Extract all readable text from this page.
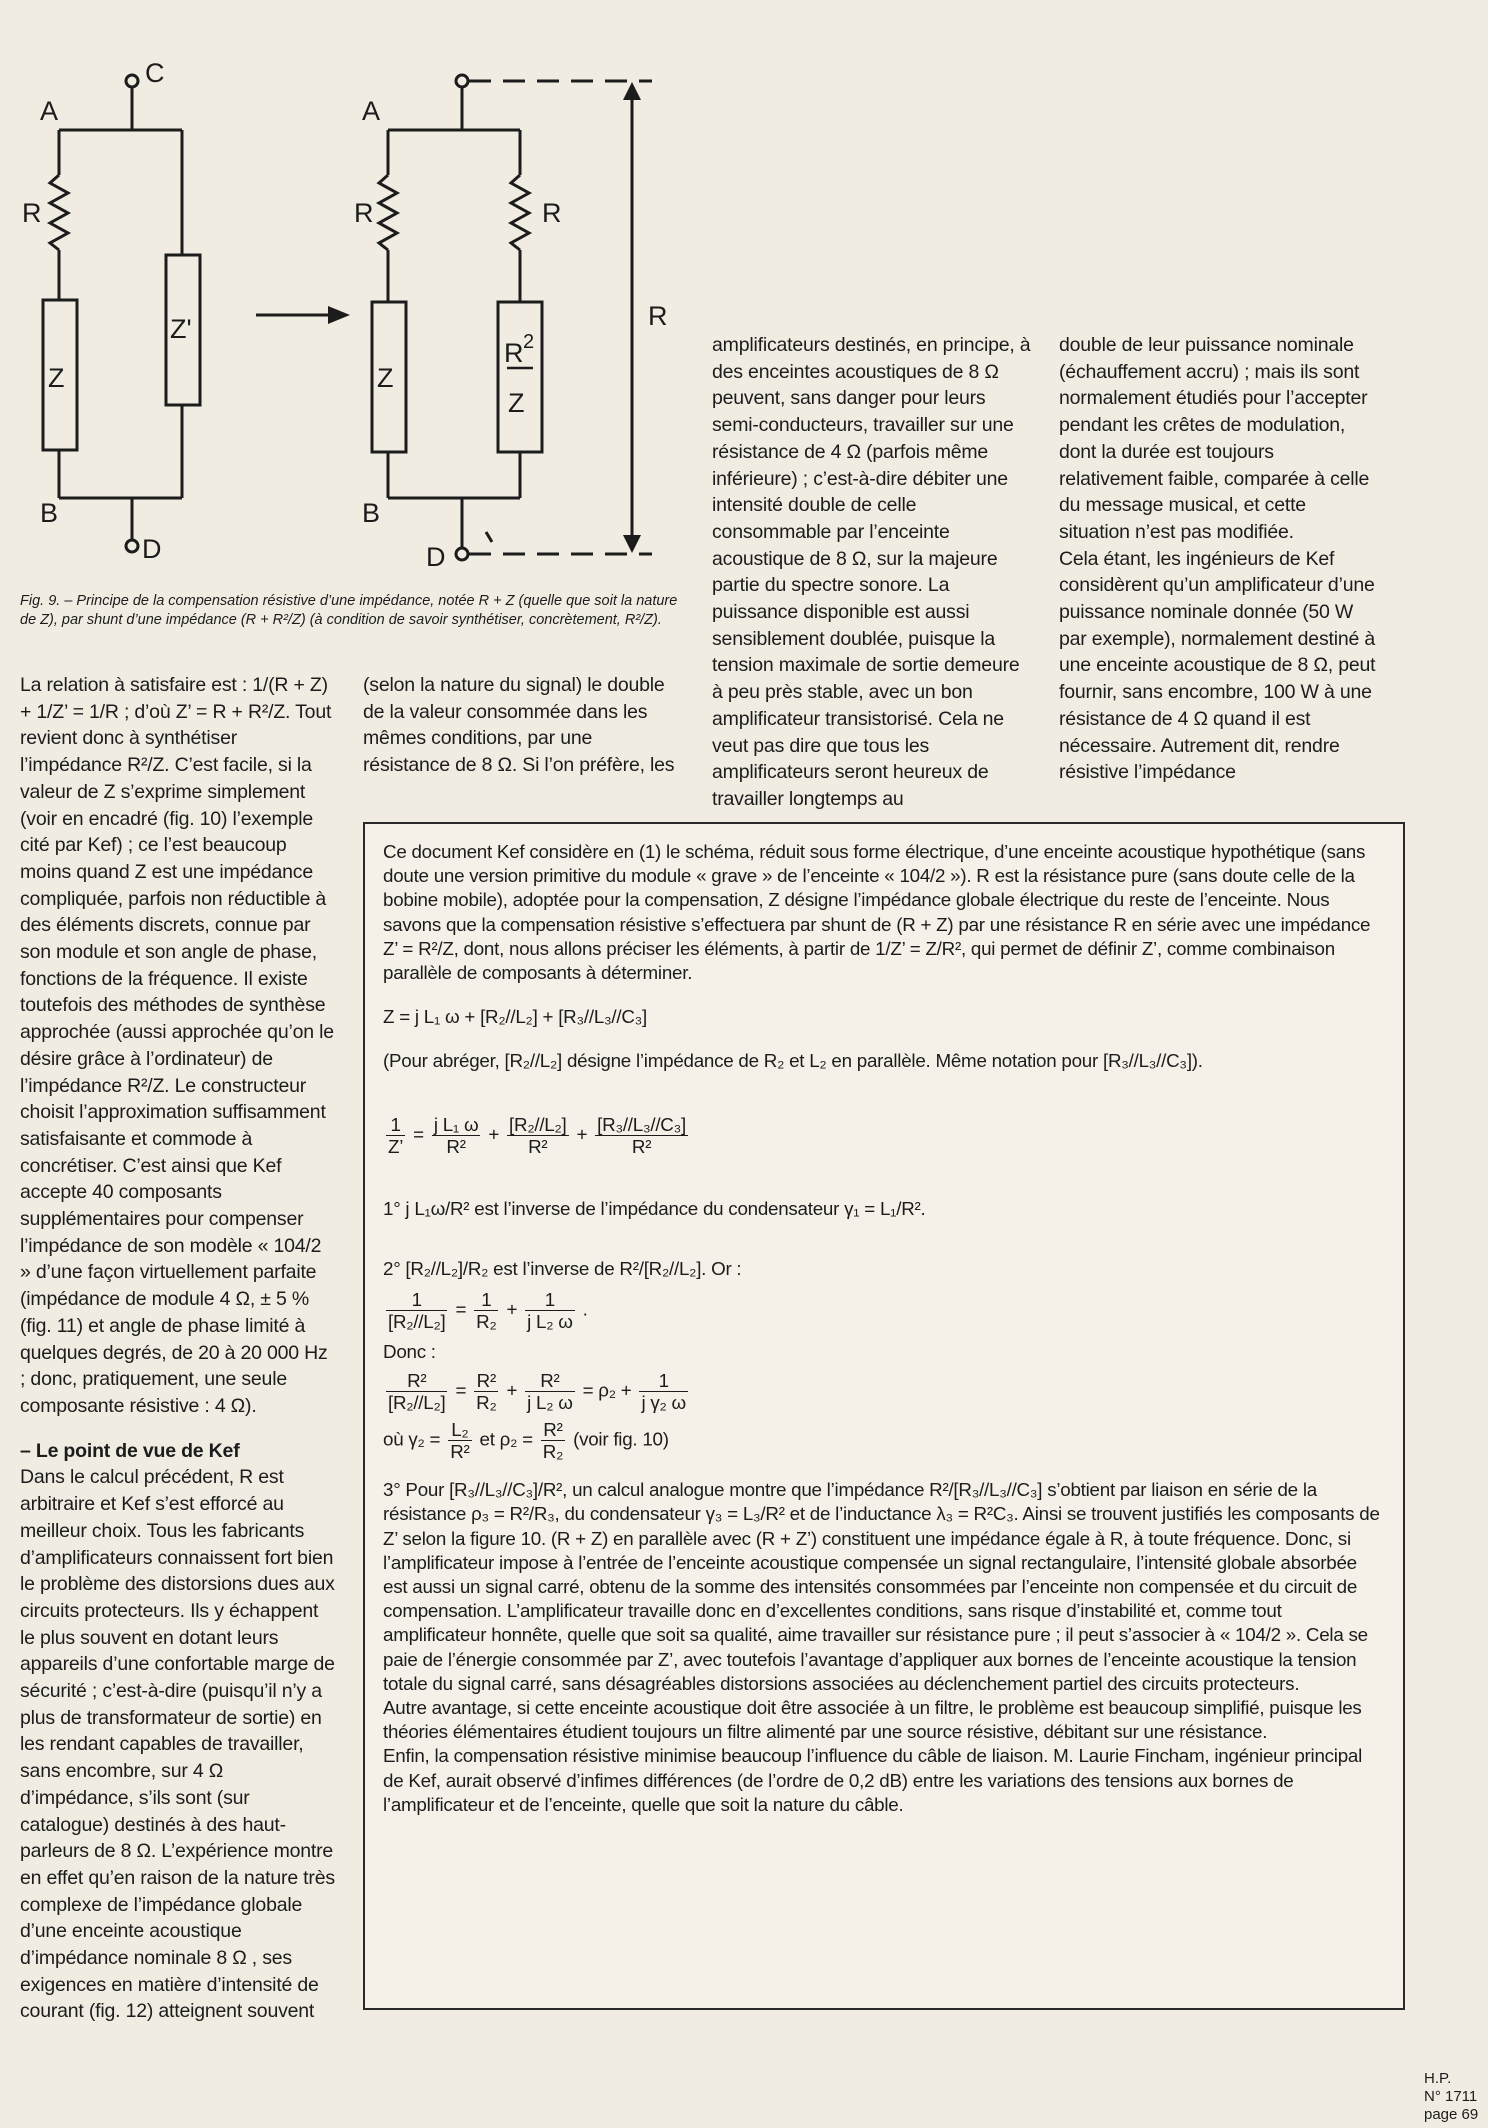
C
A
R
Z
Z'
B
D
A
R	R
Z
R 2
Z
B
D
R
Fig. 9. – Principe de la compensation résistive d’une impédance, notée R + Z (quelle que soit la nature de Z), par shunt d’une impédance (R + R²/Z) (à condition de savoir synthétiser, concrètement, R²/Z).

La relation à satisfaire est : 1/(R + Z) + 1/Z’ = 1/R ; d’où Z’ = R + R²/Z. Tout revient donc à synthétiser l’impédance R²/Z. C’est facile, si la valeur de Z s’exprime simplement (voir en encadré (fig. 10) l’exemple cité par Kef) ; ce l’est beaucoup moins quand Z est une impédance compliquée, parfois non réductible à des éléments discrets, connue par son module et son angle de phase, fonctions de la fréquence. Il existe toutefois des méthodes de synthèse approchée (aussi approchée qu’on le désire grâce à l’ordinateur) de l’impédance R²/Z. Le constructeur choisit l’approximation suffisamment satisfaisante et commode à concrétiser. C’est ainsi que Kef accepte 40 composants supplémentaires pour compenser l’impédance de son modèle « 104/2 » d’une façon virtuellement parfaite (impédance de module 4 Ω, ± 5 % (fig. 11) et angle de phase limité à quelques degrés, de 20 à 20 000 Hz ; donc, pratiquement, une seule composante résistive : 4 Ω).

– Le point de vue de Kef

Dans le calcul précédent, R est arbitraire et Kef s’est efforcé au meilleur choix. Tous les fabricants d’amplificateurs connaissent fort bien le problème des distorsions dues aux circuits protecteurs. Ils y échappent le plus souvent en dotant leurs appareils d’une confortable marge de sécurité ; c’est-à-dire (puisqu’il n’y a plus de transformateur de sortie) en les rendant capables de travailler, sans encombre, sur 4 Ω d’impédance, s’ils sont (sur catalogue) destinés à des haut-parleurs de 8 Ω. L’expérience montre en effet qu’en raison de la nature très complexe de l’impédance globale d’une enceinte acoustique d’impédance nominale 8 Ω , ses exigences en matière d’intensité de courant (fig. 12) atteignent souvent

(selon la nature du signal) le double de la valeur consommée dans les mêmes conditions, par une résistance de 8 Ω. Si l’on préfère, les

amplificateurs destinés, en principe, à des enceintes acoustiques de 8 Ω peuvent, sans danger pour leurs semi-conducteurs, travailler sur une résistance de 4 Ω (parfois même inférieure) ; c’est-à-dire débiter une intensité double de celle consommable par l’enceinte acoustique de 8 Ω, sur la majeure partie du spectre sonore. La puissance disponible est aussi sensiblement doublée, puisque la tension maximale de sortie demeure à peu près stable, avec un bon amplificateur transistorisé. Cela ne veut pas dire que tous les amplificateurs seront heureux de travailler longtemps au

double de leur puissance nominale (échauffement accru) ; mais ils sont normalement étudiés pour l’accepter pendant les crêtes de modulation, dont la durée est toujours relativement faible, comparée à celle du message musical, et cette situation n’est pas modifiée.

Cela étant, les ingénieurs de Kef considèrent qu’un amplificateur d’une puissance nominale donnée (50 W par exemple), normalement destiné à une enceinte acoustique de 8 Ω, peut fournir, sans encombre, 100 W à une résistance de 4 Ω quand il est nécessaire. Autrement dit, rendre résistive l’impédance

Ce document Kef considère en (1) le schéma, réduit sous forme électrique, d’une enceinte acoustique hypothétique (sans doute une version primitive du module « grave » de l’enceinte « 104/2 »). R est la résistance pure (sans doute celle de la bobine mobile), adoptée pour la compensation, Z désigne l’impédance globale électrique du reste de l’enceinte. Nous savons que la compensation résistive s’effectuera par shunt de (R + Z) par une résistance R en série avec une impédance Z’ = R²/Z, dont, nous allons préciser les éléments, à partir de 1/Z’ = Z/R², qui permet de définir Z’, comme combinaison parallèle de composants à déterminer.

Z = j L₁ ω + [R₂//L₂] + [R₃//L₃//C₃]

(Pour abréger, [R₂//L₂] désigne l’impédance de R₂ et L₂ en parallèle. Même notation pour [R₃//L₃//C₃]).

$\frac{1}{Z’} = \frac{\text{j L₁ ω}}{\text{R²}} + \frac{\text{[R₂//L₂]}}{\text{R²}} + \frac{\text{[R₃//L₃//C₃]}}{\text{R²}}$

1° j L₁ω/R² est l’inverse de l’impédance du condensateur γ₁ = L₁/R².

2° [R₂//L₂]/R₂ est l’inverse de R²/[R₂//L₂]. Or :

$\frac{1}{\text{[R₂//L₂]}} = \frac{1}{\text{R₂}} + \frac{1}{\text{j L₂ ω}}$ .

Donc :

$\frac{\text{R²}}{\text{[R₂//L₂]}} = \frac{\text{R²}}{\text{R₂}} + \frac{\text{R²}}{\text{j L₂ ω}} = \rho_2 + \frac{1}{\text{j γ₂ ω}}$
où $\gamma_2 = \frac{\text{L₂}}{\text{R²}}$ et $\rho_2 = \frac{\text{R²}}{\text{R₂}}$ (voir fig. 10)

3° Pour [R₃//L₃//C₃]/R², un calcul analogue montre que l’impédance R²/[R₃//L₃//C₃] s’obtient par liaison en série de la résistance ρ₃ = R²/R₃, du condensateur γ₃ = L₃/R² et de l’inductance λ₃ = R²C₃. Ainsi se trouvent justifiés les composants de Z’ selon la figure 10. (R + Z) en parallèle avec (R + Z’) constituent une impédance égale à R, à toute fréquence. Donc, si l’amplificateur impose à l’entrée de l’enceinte acoustique compensée un signal rectangulaire, l’intensité globale absorbée est aussi un signal carré, obtenu de la somme des intensités consommées par l’enceinte non compensée et du circuit de compensation. L’amplificateur travaille donc en d’excellentes conditions, sans risque d’instabilité et, comme tout amplificateur honnête, quelle que soit sa qualité, aime travailler sur résistance pure ; il peut s’associer à « 104/2 ». Cela se paie de l’énergie consommée par Z’, avec toutefois l’avantage d’appliquer aux bornes de l’enceinte acoustique la tension totale du signal carré, sans désagréables distorsions associées au déclenchement partiel des circuits protecteurs.

Autre avantage, si cette enceinte acoustique doit être associée à un filtre, le problème est beaucoup simplifié, puisque les théories élémentaires étudient toujours un filtre alimenté par une source résistive, débitant sur une résistance.

Enfin, la compensation résistive minimise beaucoup l’influence du câble de liaison. M. Laurie Fincham, ingénieur principal de Kef, aurait observé d’infimes différences (de l’ordre de 0,2 dB) entre les variations des tensions aux bornes de l’amplificateur et de l’enceinte, quelle que soit la nature du câble.

H.P.
N° 1711
page 69
